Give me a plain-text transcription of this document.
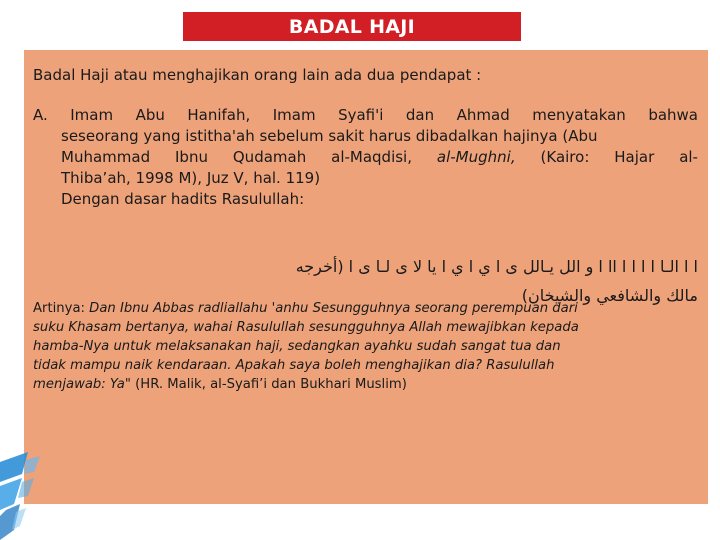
BADAL HAJI
Badal Haji atau menghajikan orang lain ada dua pendapat :
A. Imam Abu Hanifah, Imam Syafi'i dan Ahmad menyatakan bahwa
seseorang yang istitha'ah sebelum sakit harus dibadalkan hajinya (Abu
Muhammad Ibnu Qudamah al-Maqdisi, al-Mughni, (Kairo: Hajar al-
Thiba’ah, 1998 M), Juz V, hal. 119)
Dengan dasar hadits Rasulullah:
ا ا الـا ا ا ا ا اا ا و الل يـالل ى ا ي ا ي ا يا لا ى لـا ى ا (أخرجه
مالك والشافعي والشيخان)
Artinya: Dan Ibnu Abbas radliallahu 'anhu Sesungguhnya seorang perempuan dari
suku Khasam bertanya, wahai Rasulullah sesungguhnya Allah mewajibkan kepada
hamba-Nya untuk melaksanakan haji, sedangkan ayahku sudah sangat tua dan
tidak mampu naik kendaraan. Apakah saya boleh menghajikan dia? Rasulullah
menjawab: Ya" (HR. Malik, al-Syafi’i dan Bukhari Muslim)
